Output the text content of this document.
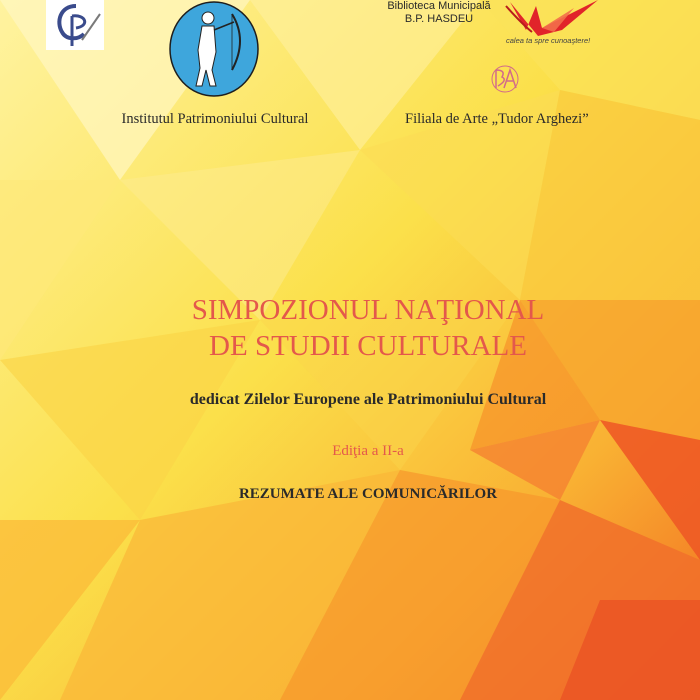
Biblioteca Municipală
B.P. HASDEU
calea ta spre cunoaştere!
Institutul Patrimoniului Cultural	Filiala de Arte „Tudor Arghezi”
SIMPOZIONUL NAŢIONAL
DE STUDII CULTURALE
dedicat Zilelor Europene ale Patrimoniului Cultural
Ediţia a II-a
REZUMATE ALE COMUNICĂRILOR
